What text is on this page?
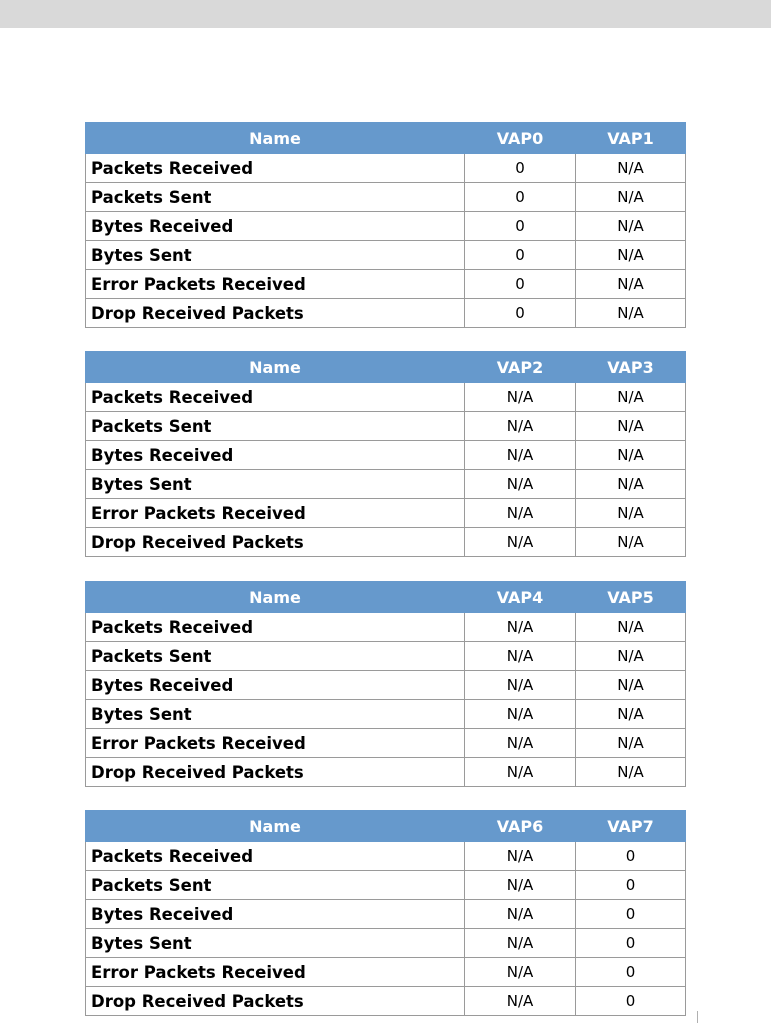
Name	VAP0	VAP1
Packets Received	0	N/A
Packets Sent	0	N/A
Bytes Received	0	N/A
Bytes Sent	0	N/A
Error Packets Received	0	N/A
Drop Received Packets	0	N/A
Name	VAP2	VAP3
Packets Received	N/A	N/A
Packets Sent	N/A	N/A
Bytes Received	N/A	N/A
Bytes Sent	N/A	N/A
Error Packets Received	N/A	N/A
Drop Received Packets	N/A	N/A
Name	VAP4	VAP5
Packets Received	N/A	N/A
Packets Sent	N/A	N/A
Bytes Received	N/A	N/A
Bytes Sent	N/A	N/A
Error Packets Received	N/A	N/A
Drop Received Packets	N/A	N/A
Name	VAP6	VAP7
Packets Received	N/A	0
Packets Sent	N/A	0
Bytes Received	N/A	0
Bytes Sent	N/A	0
Error Packets Received	N/A	0
Drop Received Packets	N/A	0
